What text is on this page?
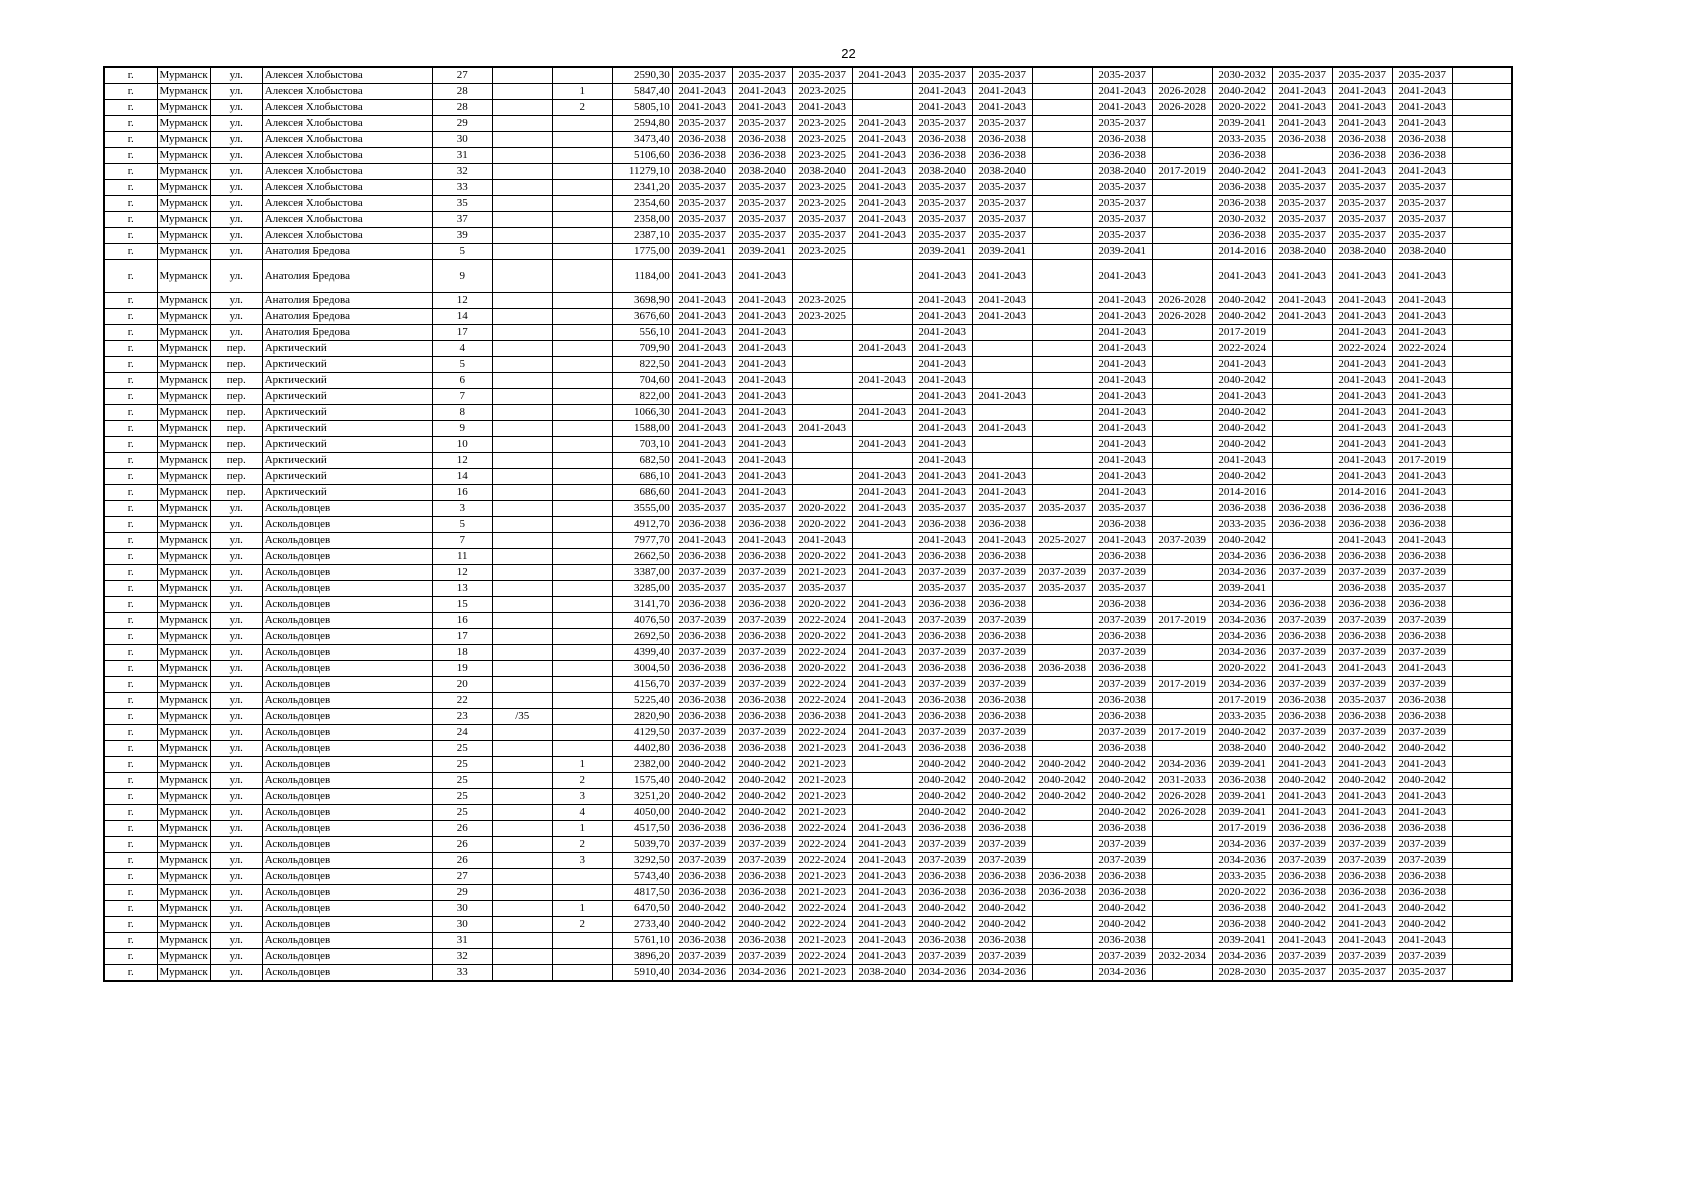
22
г.	Мурманск	ул.	Алексея Хлобыстова	27			2590,30	2035-2037	2035-2037	2035-2037	2041-2043	2035-2037	2035-2037		2035-2037		2030-2032	2035-2037	2035-2037	2035-2037	
г.	Мурманск	ул.	Алексея Хлобыстова	28		1	5847,40	2041-2043	2041-2043	2023-2025		2041-2043	2041-2043		2041-2043	2026-2028	2040-2042	2041-2043	2041-2043	2041-2043	
г.	Мурманск	ул.	Алексея Хлобыстова	28		2	5805,10	2041-2043	2041-2043	2041-2043		2041-2043	2041-2043		2041-2043	2026-2028	2020-2022	2041-2043	2041-2043	2041-2043	
г.	Мурманск	ул.	Алексея Хлобыстова	29			2594,80	2035-2037	2035-2037	2023-2025	2041-2043	2035-2037	2035-2037		2035-2037		2039-2041	2041-2043	2041-2043	2041-2043	
г.	Мурманск	ул.	Алексея Хлобыстова	30			3473,40	2036-2038	2036-2038	2023-2025	2041-2043	2036-2038	2036-2038		2036-2038		2033-2035	2036-2038	2036-2038	2036-2038	
г.	Мурманск	ул.	Алексея Хлобыстова	31			5106,60	2036-2038	2036-2038	2023-2025	2041-2043	2036-2038	2036-2038		2036-2038		2036-2038		2036-2038	2036-2038	
г.	Мурманск	ул.	Алексея Хлобыстова	32			11279,10	2038-2040	2038-2040	2038-2040	2041-2043	2038-2040	2038-2040		2038-2040	2017-2019	2040-2042	2041-2043	2041-2043	2041-2043	
г.	Мурманск	ул.	Алексея Хлобыстова	33			2341,20	2035-2037	2035-2037	2023-2025	2041-2043	2035-2037	2035-2037		2035-2037		2036-2038	2035-2037	2035-2037	2035-2037	
г.	Мурманск	ул.	Алексея Хлобыстова	35			2354,60	2035-2037	2035-2037	2023-2025	2041-2043	2035-2037	2035-2037		2035-2037		2036-2038	2035-2037	2035-2037	2035-2037	
г.	Мурманск	ул.	Алексея Хлобыстова	37			2358,00	2035-2037	2035-2037	2035-2037	2041-2043	2035-2037	2035-2037		2035-2037		2030-2032	2035-2037	2035-2037	2035-2037	
г.	Мурманск	ул.	Алексея Хлобыстова	39			2387,10	2035-2037	2035-2037	2035-2037	2041-2043	2035-2037	2035-2037		2035-2037		2036-2038	2035-2037	2035-2037	2035-2037	
г.	Мурманск	ул.	Анатолия Бредова	5			1775,00	2039-2041	2039-2041	2023-2025		2039-2041	2039-2041		2039-2041		2014-2016	2038-2040	2038-2040	2038-2040	
г.	Мурманск	ул.	Анатолия Бредова	9			1184,00	2041-2043	2041-2043			2041-2043	2041-2043		2041-2043		2041-2043	2041-2043	2041-2043	2041-2043	
г.	Мурманск	ул.	Анатолия Бредова	12			3698,90	2041-2043	2041-2043	2023-2025		2041-2043	2041-2043		2041-2043	2026-2028	2040-2042	2041-2043	2041-2043	2041-2043	
г.	Мурманск	ул.	Анатолия Бредова	14			3676,60	2041-2043	2041-2043	2023-2025		2041-2043	2041-2043		2041-2043	2026-2028	2040-2042	2041-2043	2041-2043	2041-2043	
г.	Мурманск	ул.	Анатолия Бредова	17			556,10	2041-2043	2041-2043			2041-2043			2041-2043		2017-2019		2041-2043	2041-2043	
г.	Мурманск	пер.	Арктический	4			709,90	2041-2043	2041-2043		2041-2043	2041-2043			2041-2043		2022-2024		2022-2024	2022-2024	
г.	Мурманск	пер.	Арктический	5			822,50	2041-2043	2041-2043			2041-2043			2041-2043		2041-2043		2041-2043	2041-2043	
г.	Мурманск	пер.	Арктический	6			704,60	2041-2043	2041-2043		2041-2043	2041-2043			2041-2043		2040-2042		2041-2043	2041-2043	
г.	Мурманск	пер.	Арктический	7			822,00	2041-2043	2041-2043			2041-2043	2041-2043		2041-2043		2041-2043		2041-2043	2041-2043	
г.	Мурманск	пер.	Арктический	8			1066,30	2041-2043	2041-2043		2041-2043	2041-2043			2041-2043		2040-2042		2041-2043	2041-2043	
г.	Мурманск	пер.	Арктический	9			1588,00	2041-2043	2041-2043	2041-2043		2041-2043	2041-2043		2041-2043		2040-2042		2041-2043	2041-2043	
г.	Мурманск	пер.	Арктический	10			703,10	2041-2043	2041-2043		2041-2043	2041-2043			2041-2043		2040-2042		2041-2043	2041-2043	
г.	Мурманск	пер.	Арктический	12			682,50	2041-2043	2041-2043			2041-2043			2041-2043		2041-2043		2041-2043	2017-2019	
г.	Мурманск	пер.	Арктический	14			686,10	2041-2043	2041-2043		2041-2043	2041-2043	2041-2043		2041-2043		2040-2042		2041-2043	2041-2043	
г.	Мурманск	пер.	Арктический	16			686,60	2041-2043	2041-2043		2041-2043	2041-2043	2041-2043		2041-2043		2014-2016		2014-2016	2041-2043	
г.	Мурманск	ул.	Аскольдовцев	3			3555,00	2035-2037	2035-2037	2020-2022	2041-2043	2035-2037	2035-2037	2035-2037	2035-2037		2036-2038	2036-2038	2036-2038	2036-2038	
г.	Мурманск	ул.	Аскольдовцев	5			4912,70	2036-2038	2036-2038	2020-2022	2041-2043	2036-2038	2036-2038		2036-2038		2033-2035	2036-2038	2036-2038	2036-2038	
г.	Мурманск	ул.	Аскольдовцев	7			7977,70	2041-2043	2041-2043	2041-2043		2041-2043	2041-2043	2025-2027	2041-2043	2037-2039	2040-2042		2041-2043	2041-2043	
г.	Мурманск	ул.	Аскольдовцев	11			2662,50	2036-2038	2036-2038	2020-2022	2041-2043	2036-2038	2036-2038		2036-2038		2034-2036	2036-2038	2036-2038	2036-2038	
г.	Мурманск	ул.	Аскольдовцев	12			3387,00	2037-2039	2037-2039	2021-2023	2041-2043	2037-2039	2037-2039	2037-2039	2037-2039		2034-2036	2037-2039	2037-2039	2037-2039	
г.	Мурманск	ул.	Аскольдовцев	13			3285,00	2035-2037	2035-2037	2035-2037		2035-2037	2035-2037	2035-2037	2035-2037		2039-2041		2036-2038	2035-2037	
г.	Мурманск	ул.	Аскольдовцев	15			3141,70	2036-2038	2036-2038	2020-2022	2041-2043	2036-2038	2036-2038		2036-2038		2034-2036	2036-2038	2036-2038	2036-2038	
г.	Мурманск	ул.	Аскольдовцев	16			4076,50	2037-2039	2037-2039	2022-2024	2041-2043	2037-2039	2037-2039		2037-2039	2017-2019	2034-2036	2037-2039	2037-2039	2037-2039	
г.	Мурманск	ул.	Аскольдовцев	17			2692,50	2036-2038	2036-2038	2020-2022	2041-2043	2036-2038	2036-2038		2036-2038		2034-2036	2036-2038	2036-2038	2036-2038	
г.	Мурманск	ул.	Аскольдовцев	18			4399,40	2037-2039	2037-2039	2022-2024	2041-2043	2037-2039	2037-2039		2037-2039		2034-2036	2037-2039	2037-2039	2037-2039	
г.	Мурманск	ул.	Аскольдовцев	19			3004,50	2036-2038	2036-2038	2020-2022	2041-2043	2036-2038	2036-2038	2036-2038	2036-2038		2020-2022	2041-2043	2041-2043	2041-2043	
г.	Мурманск	ул.	Аскольдовцев	20			4156,70	2037-2039	2037-2039	2022-2024	2041-2043	2037-2039	2037-2039		2037-2039	2017-2019	2034-2036	2037-2039	2037-2039	2037-2039	
г.	Мурманск	ул.	Аскольдовцев	22			5225,40	2036-2038	2036-2038	2022-2024	2041-2043	2036-2038	2036-2038		2036-2038		2017-2019	2036-2038	2035-2037	2036-2038	
г.	Мурманск	ул.	Аскольдовцев	23	/35		2820,90	2036-2038	2036-2038	2036-2038	2041-2043	2036-2038	2036-2038		2036-2038		2033-2035	2036-2038	2036-2038	2036-2038	
г.	Мурманск	ул.	Аскольдовцев	24			4129,50	2037-2039	2037-2039	2022-2024	2041-2043	2037-2039	2037-2039		2037-2039	2017-2019	2040-2042	2037-2039	2037-2039	2037-2039	
г.	Мурманск	ул.	Аскольдовцев	25			4402,80	2036-2038	2036-2038	2021-2023	2041-2043	2036-2038	2036-2038		2036-2038		2038-2040	2040-2042	2040-2042	2040-2042	
г.	Мурманск	ул.	Аскольдовцев	25		1	2382,00	2040-2042	2040-2042	2021-2023		2040-2042	2040-2042	2040-2042	2040-2042	2034-2036	2039-2041	2041-2043	2041-2043	2041-2043	
г.	Мурманск	ул.	Аскольдовцев	25		2	1575,40	2040-2042	2040-2042	2021-2023		2040-2042	2040-2042	2040-2042	2040-2042	2031-2033	2036-2038	2040-2042	2040-2042	2040-2042	
г.	Мурманск	ул.	Аскольдовцев	25		3	3251,20	2040-2042	2040-2042	2021-2023		2040-2042	2040-2042	2040-2042	2040-2042	2026-2028	2039-2041	2041-2043	2041-2043	2041-2043	
г.	Мурманск	ул.	Аскольдовцев	25		4	4050,00	2040-2042	2040-2042	2021-2023		2040-2042	2040-2042		2040-2042	2026-2028	2039-2041	2041-2043	2041-2043	2041-2043	
г.	Мурманск	ул.	Аскольдовцев	26		1	4517,50	2036-2038	2036-2038	2022-2024	2041-2043	2036-2038	2036-2038		2036-2038		2017-2019	2036-2038	2036-2038	2036-2038	
г.	Мурманск	ул.	Аскольдовцев	26		2	5039,70	2037-2039	2037-2039	2022-2024	2041-2043	2037-2039	2037-2039		2037-2039		2034-2036	2037-2039	2037-2039	2037-2039	
г.	Мурманск	ул.	Аскольдовцев	26		3	3292,50	2037-2039	2037-2039	2022-2024	2041-2043	2037-2039	2037-2039		2037-2039		2034-2036	2037-2039	2037-2039	2037-2039	
г.	Мурманск	ул.	Аскольдовцев	27			5743,40	2036-2038	2036-2038	2021-2023	2041-2043	2036-2038	2036-2038	2036-2038	2036-2038		2033-2035	2036-2038	2036-2038	2036-2038	
г.	Мурманск	ул.	Аскольдовцев	29			4817,50	2036-2038	2036-2038	2021-2023	2041-2043	2036-2038	2036-2038	2036-2038	2036-2038		2020-2022	2036-2038	2036-2038	2036-2038	
г.	Мурманск	ул.	Аскольдовцев	30		1	6470,50	2040-2042	2040-2042	2022-2024	2041-2043	2040-2042	2040-2042		2040-2042		2036-2038	2040-2042	2041-2043	2040-2042	
г.	Мурманск	ул.	Аскольдовцев	30		2	2733,40	2040-2042	2040-2042	2022-2024	2041-2043	2040-2042	2040-2042		2040-2042		2036-2038	2040-2042	2041-2043	2040-2042	
г.	Мурманск	ул.	Аскольдовцев	31			5761,10	2036-2038	2036-2038	2021-2023	2041-2043	2036-2038	2036-2038		2036-2038		2039-2041	2041-2043	2041-2043	2041-2043	
г.	Мурманск	ул.	Аскольдовцев	32			3896,20	2037-2039	2037-2039	2022-2024	2041-2043	2037-2039	2037-2039		2037-2039	2032-2034	2034-2036	2037-2039	2037-2039	2037-2039	
г.	Мурманск	ул.	Аскольдовцев	33			5910,40	2034-2036	2034-2036	2021-2023	2038-2040	2034-2036	2034-2036		2034-2036		2028-2030	2035-2037	2035-2037	2035-2037	
